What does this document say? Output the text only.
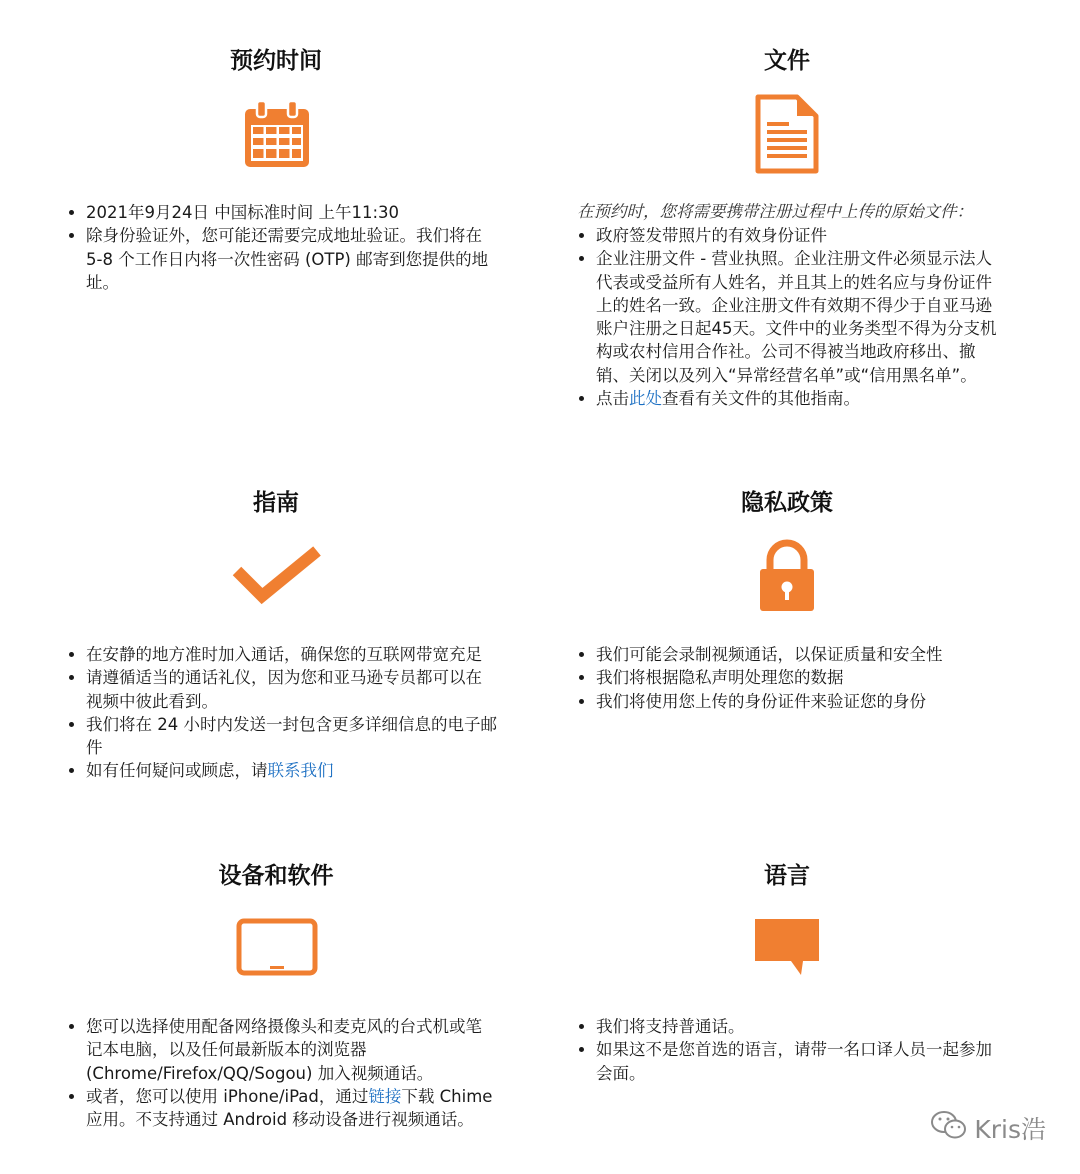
预约时间
• 2021年9月24日 中国标准时间 上午11:30
• 除身份验证外，您可能还需要完成地址验证。我们将在 5-8 个工作日内将一次性密码 (OTP) 邮寄到您提供的地址。
文件

在预约时，您将需要携带注册过程中上传的原始文件：

• 政府签发带照片的有效身份证件
• 企业注册文件 - 营业执照。企业注册文件必须显示法人代表或受益所有人姓名，并且其上的姓名应与身份证件上的姓名一致。企业注册文件有效期不得少于自亚马逊账户注册之日起45天。文件中的业务类型不得为分支机构或农村信用合作社。公司不得被当地政府移出、撤销、关闭以及列入“异常经营名单”或“信用黑名单”。
• 点击此处查看有关文件的其他指南。
指南
• 在安静的地方准时加入通话，确保您的互联网带宽充足
• 请遵循适当的通话礼仪，因为您和亚马逊专员都可以在视频中彼此看到。
• 我们将在 24 小时内发送一封包含更多详细信息的电子邮件
• 如有任何疑问或顾虑，请联系我们
隐私政策
• 我们可能会录制视频通话，以保证质量和安全性
• 我们将根据隐私声明处理您的数据
• 我们将使用您上传的身份证件来验证您的身份
设备和软件
• 您可以选择使用配备网络摄像头和麦克风的台式机或笔记本电脑，以及任何最新版本的浏览器 (Chrome/Firefox/QQ/Sogou) 加入视频通话。
• 或者，您可以使用 iPhone/iPad，通过链接下载 Chime 应用。不支持通过 Android 移动设备进行视频通话。
语言
• 我们将支持普通话。
• 如果这不是您首选的语言，请带一名口译人员一起参加会面。
Kris浩
